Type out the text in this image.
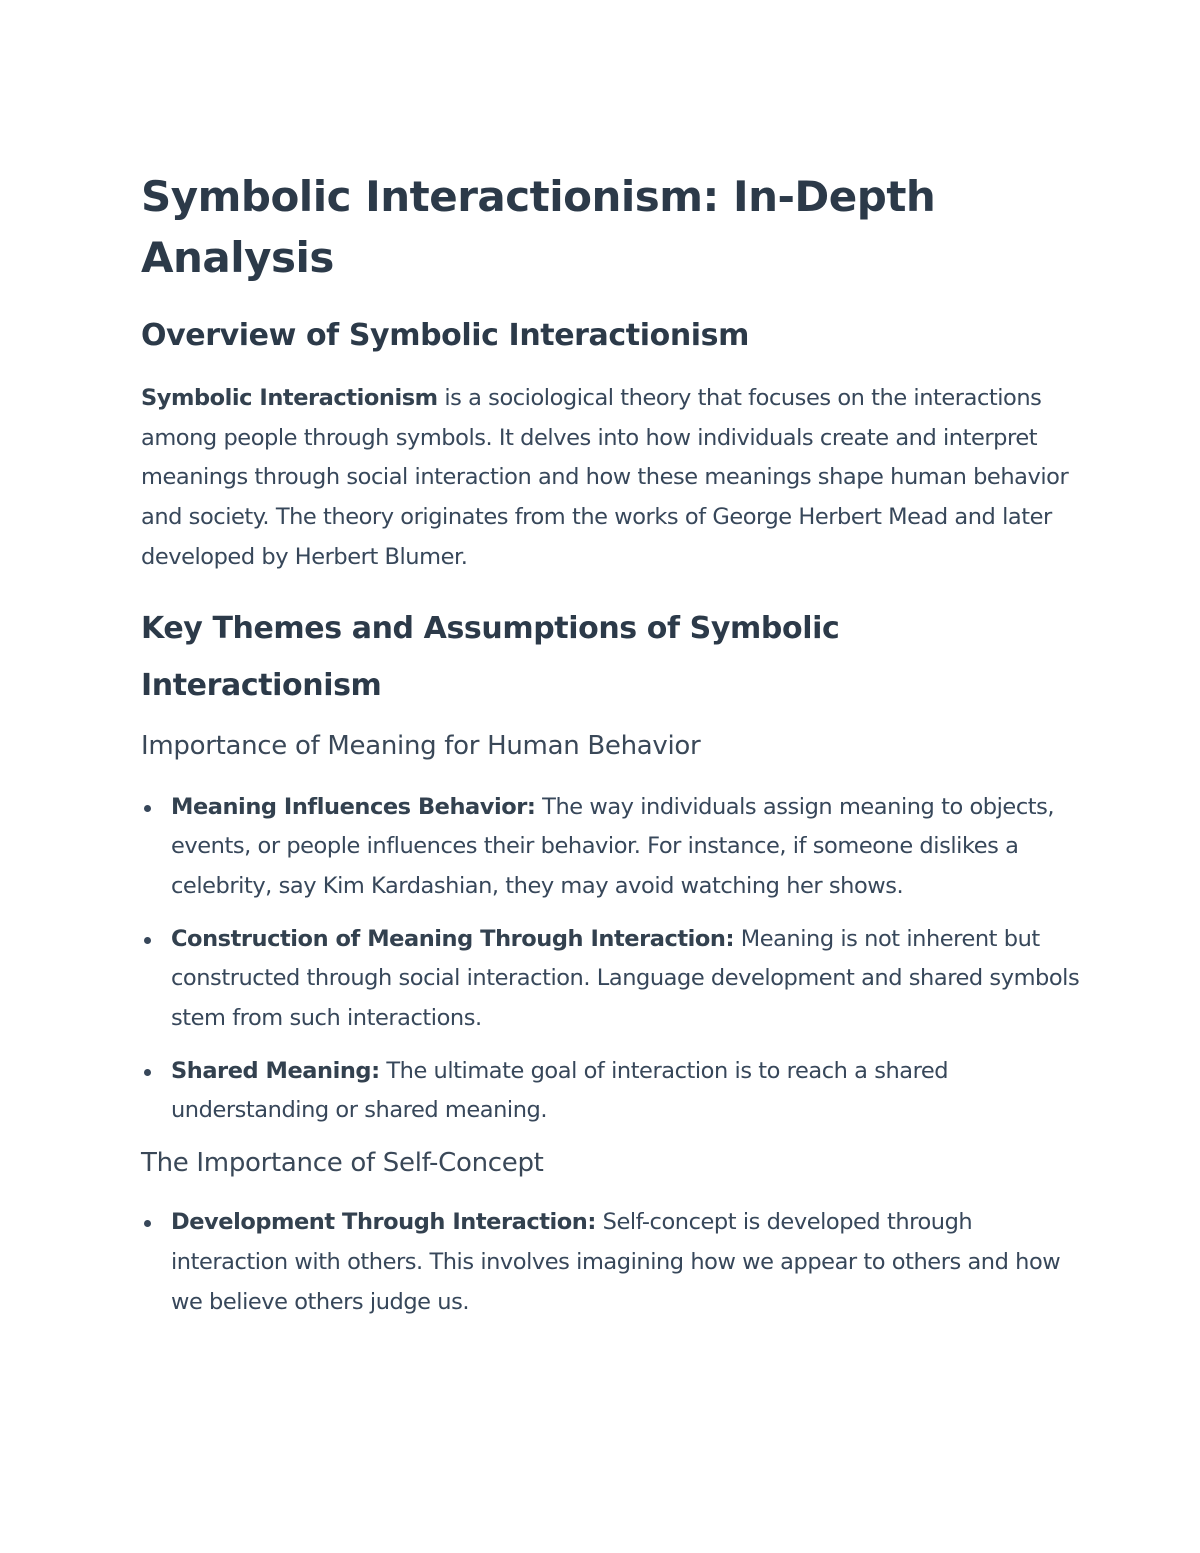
Symbolic Interactionism: In-Depth Analysis
Overview of Symbolic Interactionism

Symbolic Interactionism is a sociological theory that focuses on the interactions among people through symbols. It delves into how individuals create and interpret meanings through social interaction and how these meanings shape human behavior and society. The theory originates from the works of George Herbert Mead and later developed by Herbert Blumer.

Key Themes and Assumptions of Symbolic Interactionism
Importance of Meaning for Human Behavior
Meaning Influences Behavior: The way individuals assign meaning to objects, events, or people influences their behavior. For instance, if someone dislikes a celebrity, say Kim Kardashian, they may avoid watching her shows.
Construction of Meaning Through Interaction: Meaning is not inherent but constructed through social interaction. Language development and shared symbols stem from such interactions.
Shared Meaning: The ultimate goal of interaction is to reach a shared understanding or shared meaning.
The Importance of Self-Concept
Development Through Interaction: Self-concept is developed through interaction with others. This involves imagining how we appear to others and how we believe others judge us.
